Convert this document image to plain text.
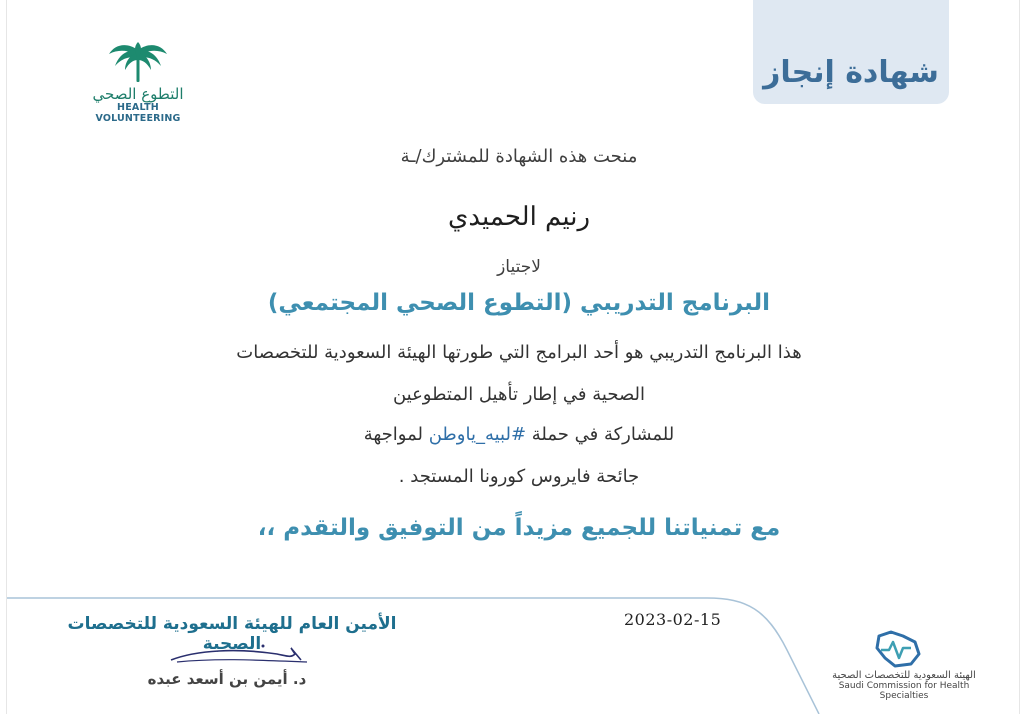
شهادة إنجاز
التطوع الصحي
HEALTH VOLUNTEERING
منحت هذه الشهادة للمشترك/ـة
رنيم الحميدي
لاجتياز
البرنامج التدريبي (التطوع الصحي المجتمعي)
هذا البرنامج التدريبي هو أحد البرامج التي طورتها الهيئة السعودية للتخصصات
الصحية في إطار تأهيل المتطوعين
للمشاركة في حملة #لبيه_ياوطن لمواجهة
جائحة فايروس كورونا المستجد .
مع تمنياتنا للجميع مزيداً من التوفيق والتقدم ،،
2023-02-15
الأمين العام للهيئة السعودية للتخصصات الصحية
د. أيمن بن أسعد عبده	الهيئة السعودية للتخصصات الصحية
Saudi Commission for Health Specialties
